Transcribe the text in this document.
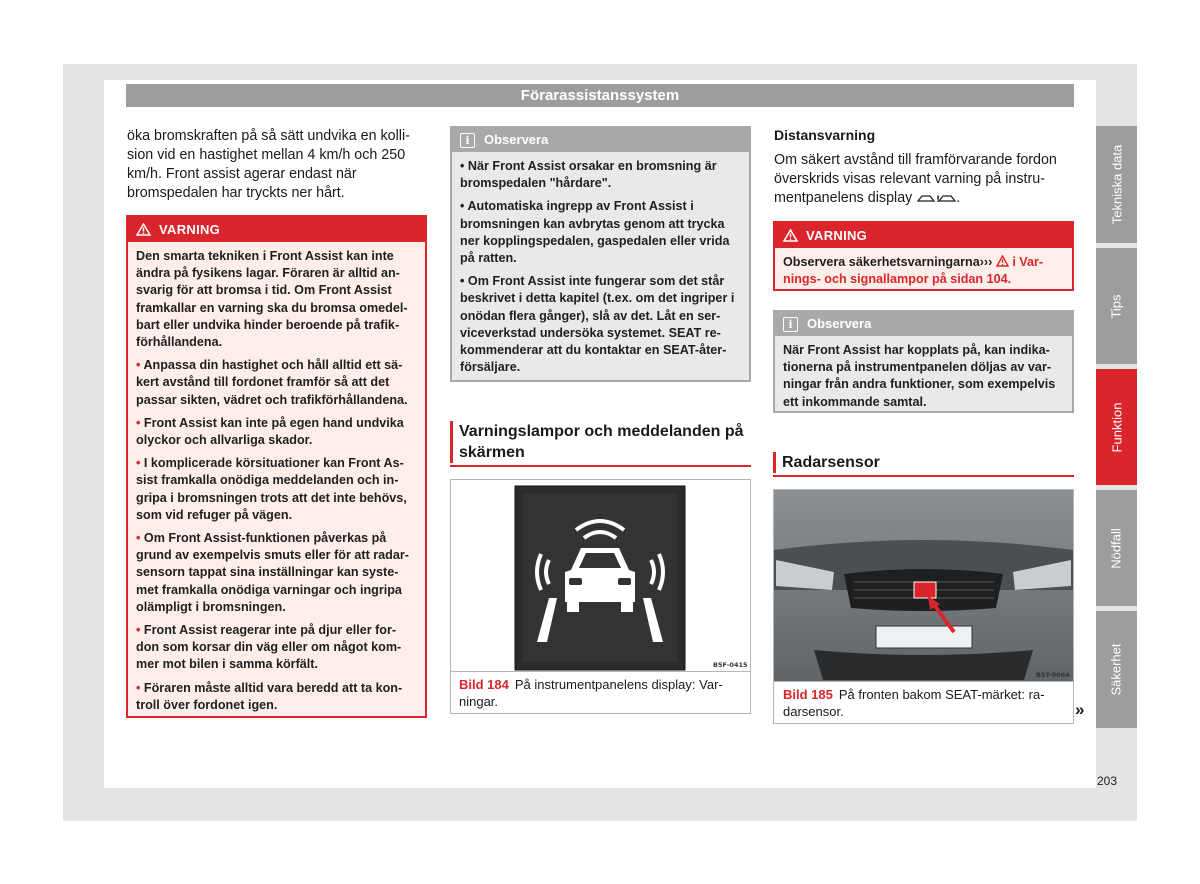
Förarassistanssystem
öka bromskraften på så sätt undvika en kolli-sion vid en hastighet mellan 4 km/h och 250 km/h. Front assist agerar endast när bromspedalen har tryckts ner hårt.
VARNING

Den smarta tekniken i Front Assist kan inte ändra på fysikens lagar. Föraren är alltid an-svarig för att bromsa i tid. Om Front Assist framkallar en varning ska du bromsa omedel-bart eller undvika hinder beroende på trafik-förhållandena.

• Anpassa din hastighet och håll alltid ett sä-kert avstånd till fordonet framför så att det passar sikten, vädret och trafikförhållandena.

• Front Assist kan inte på egen hand undvika olyckor och allvarliga skador.

• I komplicerade körsituationer kan Front As-sist framkalla onödiga meddelanden och in-gripa i bromsningen trots att det inte behövs, som vid refuger på vägen.

• Om Front Assist-funktionen påverkas på grund av exempelvis smuts eller för att radar-sensorn tappat sina inställningar kan syste-met framkalla onödiga varningar och ingripa olämpligt i bromsningen.

• Front Assist reagerar inte på djur eller for-don som korsar din väg eller om något kom-mer mot bilen i samma körfält.

• Föraren måste alltid vara beredd att ta kon-troll över fordonet igen.

i	Observera

• När Front Assist orsakar en bromsning är bromspedalen "hårdare".

• Automatiska ingrepp av Front Assist i bromsningen kan avbrytas genom att trycka ner kopplingspedalen, gaspedalen eller vrida på ratten.

• Om Front Assist inte fungerar som det står beskrivet i detta kapitel (t.ex. om det ingriper i onödan flera gånger), slå av det. Låt en ser-viceverkstad undersöka systemet. SEAT re-kommenderar att du kontaktar en SEAT-åter-försäljare.

Varningslampor och meddelanden på skärmen
B5F-0415
Bild 184 På instrumentpanelens display: Var-ningar.
Distansvarning
Om säkert avstånd till framförvarande fordon överskrids visas relevant varning på instru-mentpanelens display	! .
VARNING
Observera säkerhetsvarningarna››› i Var-nings- och signallampor på sidan 104.
i	Observera

När Front Assist har kopplats på, kan indika-tionerna på instrumentpanelen döljas av var-ningar från andra funktioner, som exempelvis ett inkommande samtal.

Radarsensor
B5T-0064
Bild 185 På fronten bakom SEAT-märket: ra-darsensor.	»
Tekniska data
Tips
Funktion
Nödfall
Säkerhet
203
